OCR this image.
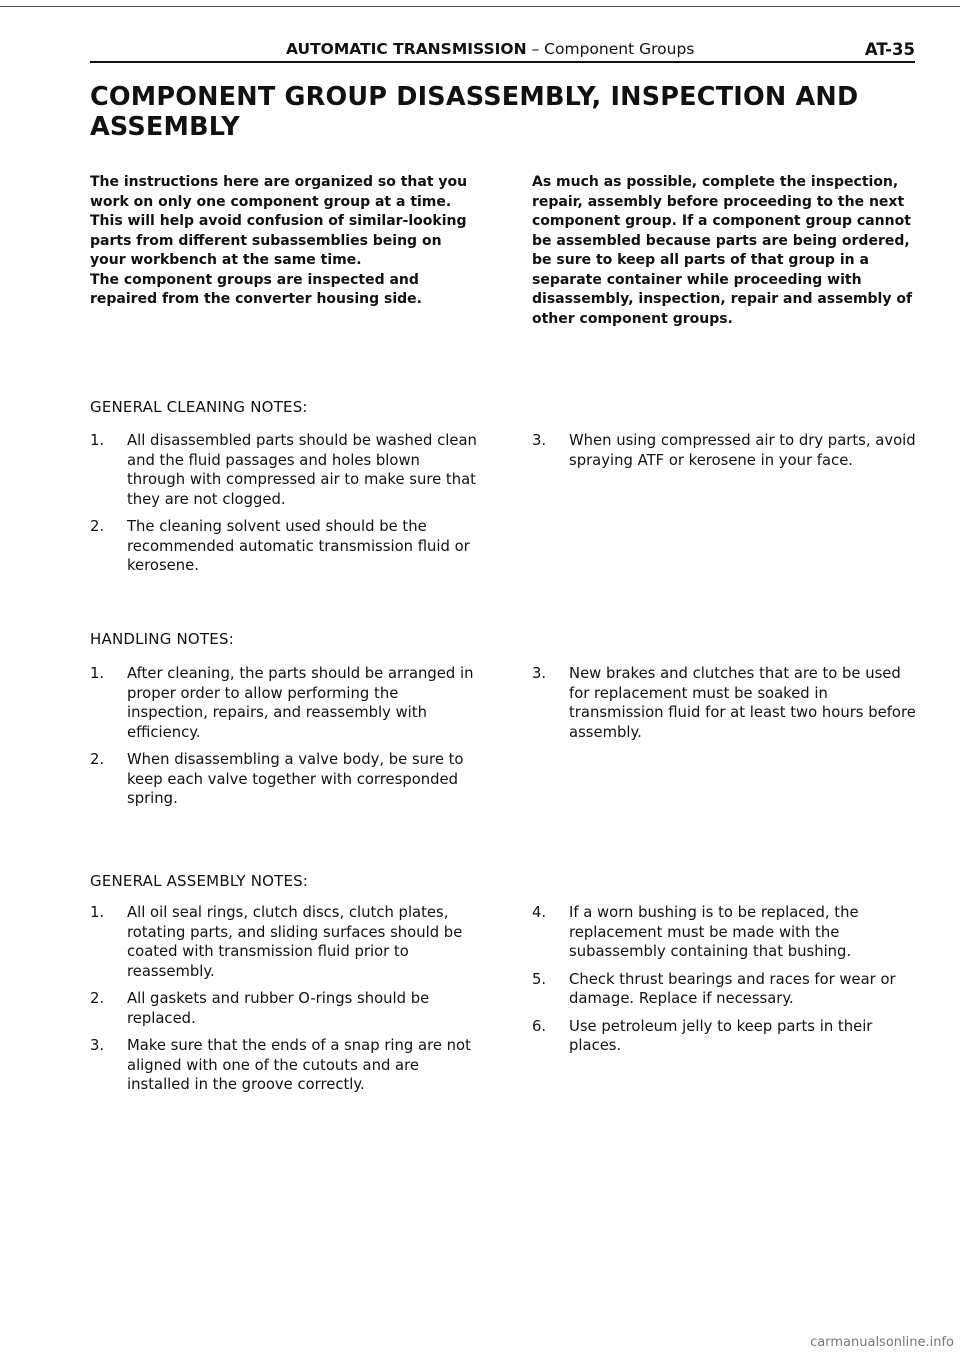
AUTOMATIC TRANSMISSION – Component Groups	AT-35
COMPONENT GROUP DISASSEMBLY, INSPECTION AND ASSEMBLY

The instructions here are organized so that you work on only one component group at a time. This will help avoid confusion of similar-looking parts from different subassemblies being on your workbench at the same time.

The component groups are inspected and repaired from the converter housing side.

As much as possible, complete the inspection, repair, assembly before proceeding to the next component group. If a component group cannot be assembled because parts are being ordered, be sure to keep all parts of that group in a separate container while proceeding with disassembly, inspection, repair and assembly of other component groups.

GENERAL CLEANING NOTES:
1. All disassembled parts should be washed clean and the fluid passages and holes blown through with compressed air to make sure that they are not clogged.
2. The cleaning solvent used should be the recommended automatic transmission fluid or kerosene.
3. When using compressed air to dry parts, avoid spraying ATF or kerosene in your face.
HANDLING NOTES:
1. After cleaning, the parts should be arranged in proper order to allow performing the inspection, repairs, and reassembly with efficiency.
2. When disassembling a valve body, be sure to keep each valve together with corresponded spring.
3. New brakes and clutches that are to be used for replacement must be soaked in transmission fluid for at least two hours before assembly.
GENERAL ASSEMBLY NOTES:
1. All oil seal rings, clutch discs, clutch plates, rotating parts, and sliding surfaces should be coated with transmission fluid prior to reassembly.
2. All gaskets and rubber O-rings should be replaced.
3. Make sure that the ends of a snap ring are not aligned with one of the cutouts and are installed in the groove correctly.
4. If a worn bushing is to be replaced, the replacement must be made with the subassembly containing that bushing.
5. Check thrust bearings and races for wear or damage. Replace if necessary.
6. Use petroleum jelly to keep parts in their places.
carmanualsonline.info
